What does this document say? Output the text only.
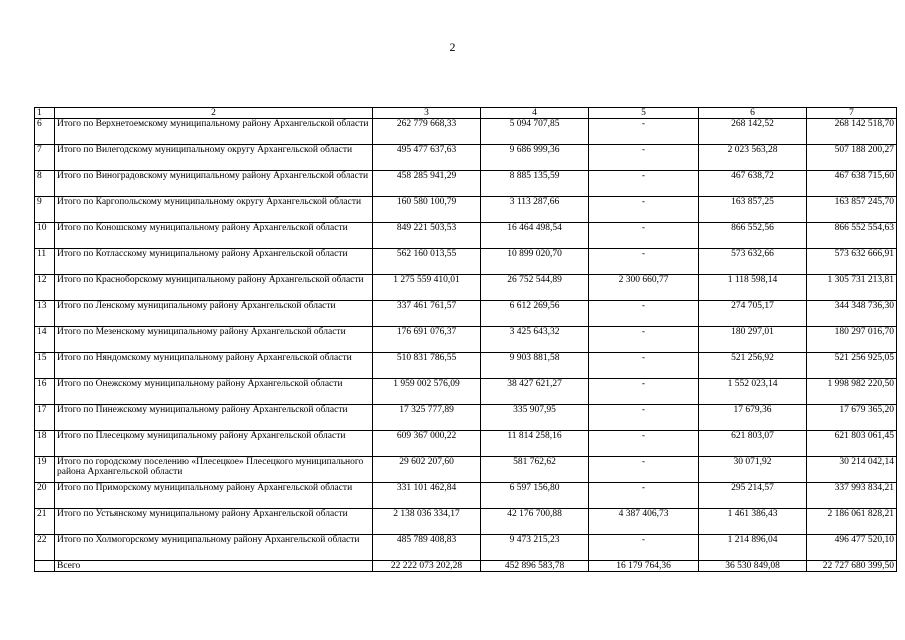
2
1	2	3	4	5	6	7
6	Итого по Верхнетоемскому муниципальному району Архангельской области	262 779 668,33	5 094 707,85	-	268 142,52	268 142 518,70
7	Итого по Вилегодскому муниципальному округу Архангельской области	495 477 637,63	9 686 999,36	-	2 023 563,28	507 188 200,27
8	Итого по Виноградовскому муниципальному району Архангельской области	458 285 941,29	8 885 135,59	-	467 638,72	467 638 715,60
9	Итого по Каргопольскому муниципальному округу Архангельской области	160 580 100,79	3 113 287,66	-	163 857,25	163 857 245,70
10	Итого по Коношскому муниципальному району Архангельской области	849 221 503,53	16 464 498,54	-	866 552,56	866 552 554,63
11	Итого по Котласскому муниципальному району Архангельской области	562 160 013,55	10 899 020,70	-	573 632,66	573 632 666,91
12	Итого по Красноборскому муниципальному району Архангельской области	1 275 559 410,01	26 752 544,89	2 300 660,77	1 118 598,14	1 305 731 213,81
13	Итого по Ленскому муниципальному району Архангельской области	337 461 761,57	6 612 269,56	-	274 705,17	344 348 736,30
14	Итого по Мезенскому муниципальному району Архангельской области	176 691 076,37	3 425 643,32	-	180 297,01	180 297 016,70
15	Итого по Няндомскому муниципальному району Архангельской области	510 831 786,55	9 903 881,58	-	521 256,92	521 256 925,05
16	Итого по Онежскому муниципальному району Архангельской области	1 959 002 576,09	38 427 621,27	-	1 552 023,14	1 998 982 220,50
17	Итого по Пинежскому муниципальному району Архангельской области	17 325 777,89	335 907,95	-	17 679,36	17 679 365,20
18	Итого по Плесецкому муниципальному району Архангельской области	609 367 000,22	11 814 258,16	-	621 803,07	621 803 061,45
19	Итого по городскому поселению «Плесецкое» Плесецкого муниципального района Архангельской области	29 602 207,60	581 762,62	-	30 071,92	30 214 042,14
20	Итого по Приморскому муниципальному району Архангельской области	331 101 462,84	6 597 156,80	-	295 214,57	337 993 834,21
21	Итого по Устьянскому муниципальному району Архангельской области	2 138 036 334,17	42 176 700,88	4 387 406,73	1 461 386,43	2 186 061 828,21
22	Итого по Холмогорскому муниципальному району Архангельской области	485 789 408,83	9 473 215,23	-	1 214 896,04	496 477 520,10
	Всего	22 222 073 202,28	452 896 583,78	16 179 764,36	36 530 849,08	22 727 680 399,50
